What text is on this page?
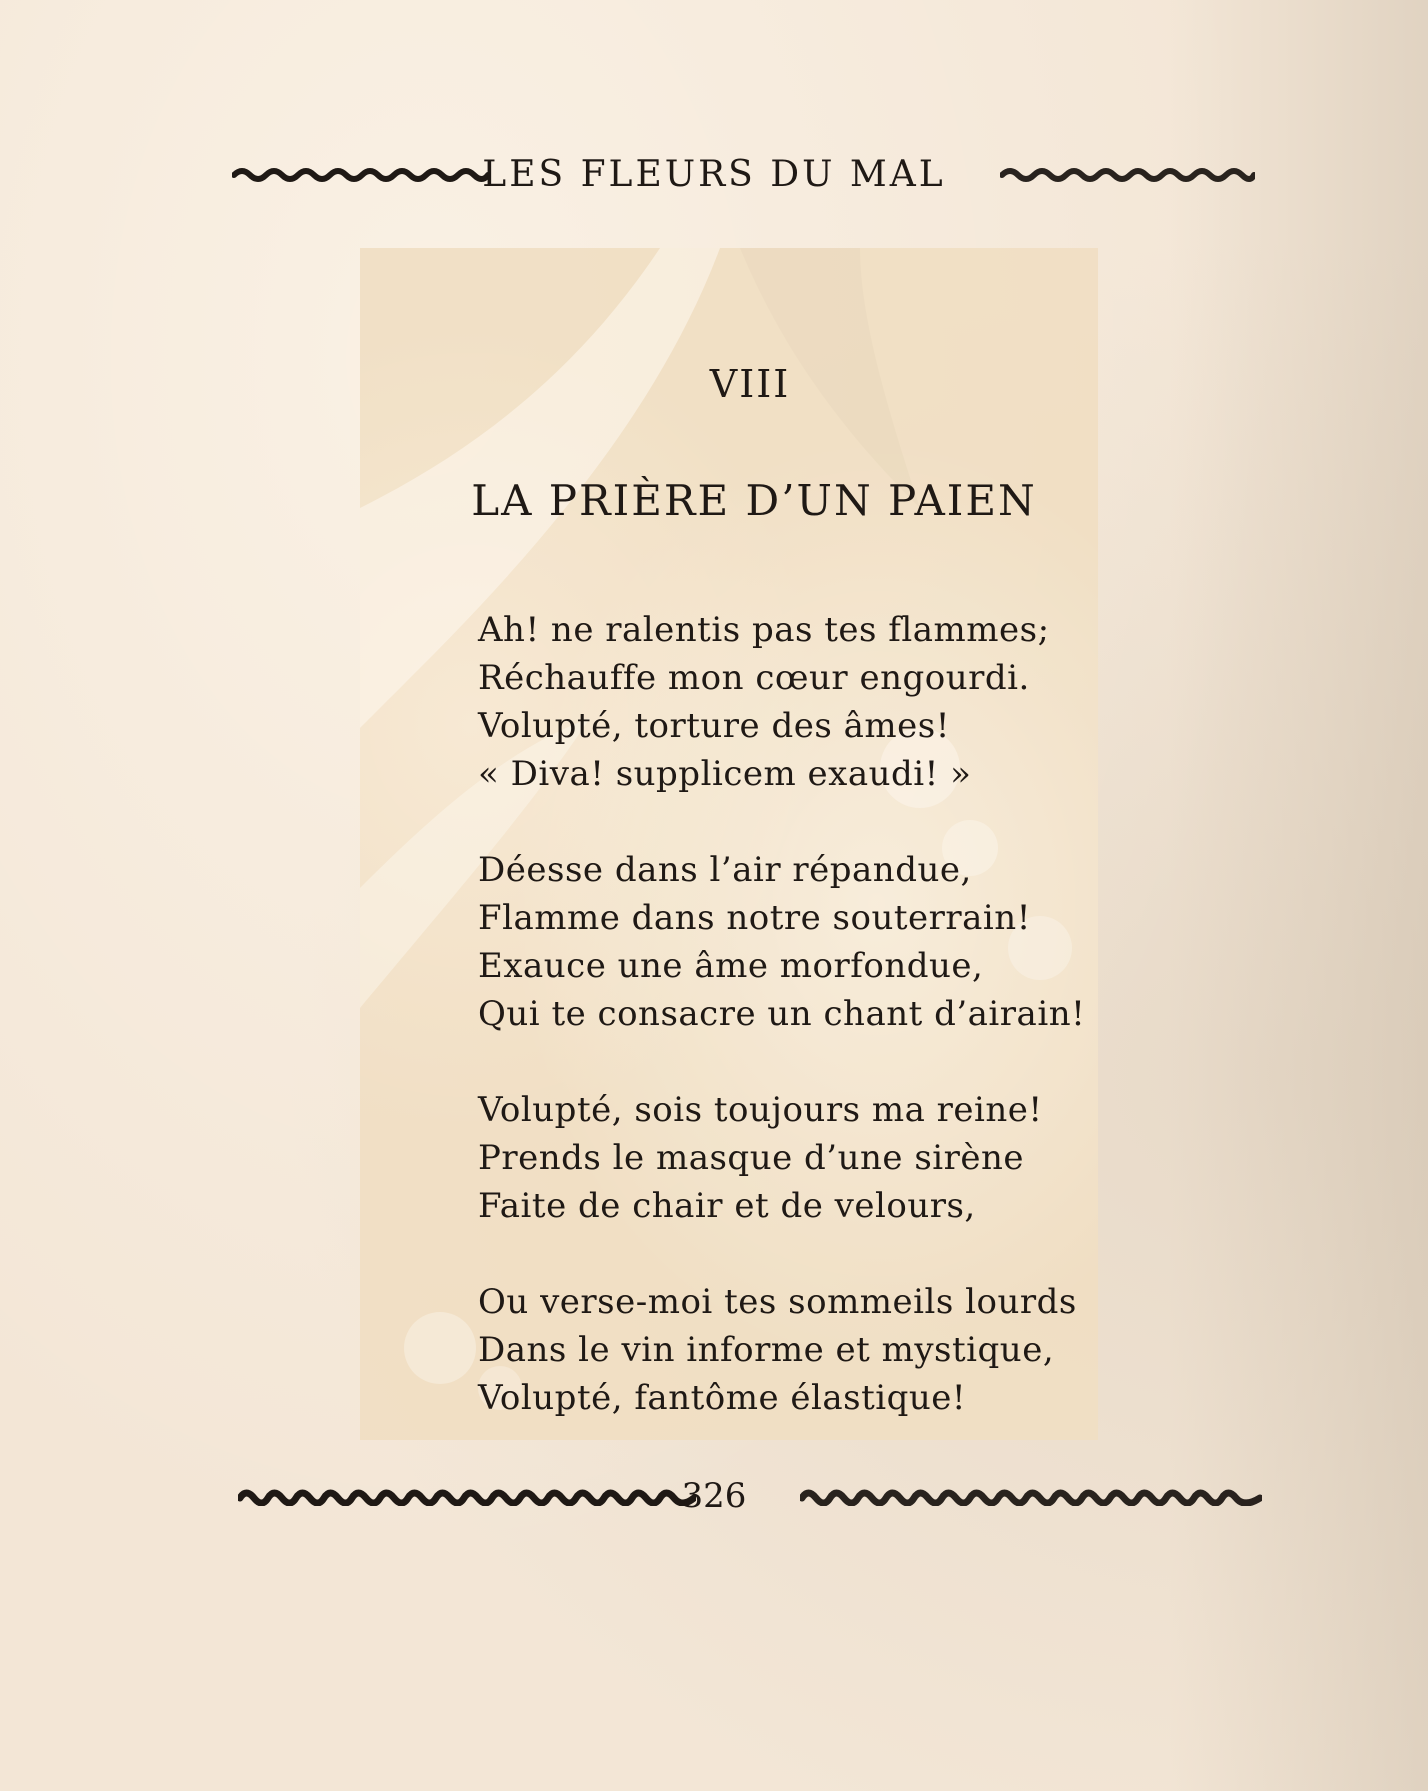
LES FLEURS DU MAL
VIII
LA PRIÈRE D’UN PAIEN
Ah! ne ralentis pas tes flammes;
Réchauffe mon cœur engourdi.
Volupté, torture des âmes!
« Diva! supplicem exaudi! »
Déesse dans l’air répandue,
Flamme dans notre souterrain!
Exauce une âme morfondue,
Qui te consacre un chant d’airain!
Volupté, sois toujours ma reine!
Prends le masque d’une sirène
Faite de chair et de velours,
Ou verse-moi tes sommeils lourds
Dans le vin informe et mystique,
Volupté, fantôme élastique!
326
